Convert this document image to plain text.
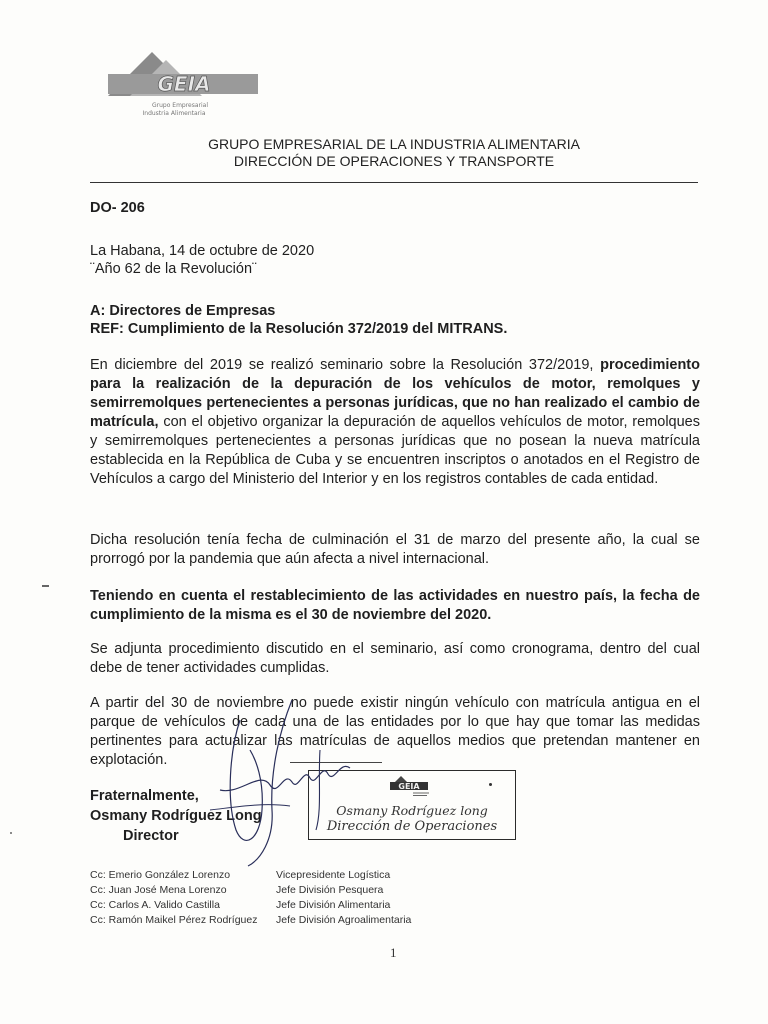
GEIA
Grupo Empresarial
Industria Alimentaria
GRUPO EMPRESARIAL DE LA INDUSTRIA ALIMENTARIA
DIRECCIÓN DE OPERACIONES Y TRANSPORTE
DO- 206
La Habana, 14 de octubre de 2020
¨Año 62 de la Revolución¨
A: Directores de Empresas
REF: Cumplimiento de la Resolución 372/2019 del MITRANS.
En diciembre del 2019 se realizó seminario sobre la Resolución 372/2019, procedimiento para la realización de la depuración de los vehículos de motor, remolques y semirremolques pertenecientes a personas jurídicas, que no han realizado el cambio de matrícula, con el objetivo organizar la depuración de aquellos vehículos de motor, remolques y semirremolques pertenecientes a personas jurídicas que no posean la nueva matrícula establecida en la República de Cuba y se encuentren inscriptos o anotados en el Registro de Vehículos a cargo del Ministerio del Interior y en los registros contables de cada entidad.
Dicha resolución tenía fecha de culminación el 31 de marzo del presente año, la cual se prorrogó por la pandemia que aún afecta a nivel internacional.
Teniendo en cuenta el restablecimiento de las actividades en nuestro país, la fecha de cumplimiento de la misma es el 30 de noviembre del 2020.
Se adjunta procedimiento discutido en el seminario, así como cronograma, dentro del cual debe de tener actividades cumplidas.
A partir del 30 de noviembre no puede existir ningún vehículo con matrícula antigua en el parque de vehículos de cada una de las entidades por lo que hay que tomar las medidas pertinentes para actualizar las matrículas de aquellos medios que pretendan mantener en explotación.
Fraternalmente,
Osmany Rodríguez Long
Director
GEIA
Osmany Rodríguez long
Dirección de Operaciones
Cc: Emerio González Lorenzo	Vicepresidente Logística
Cc: Juan José Mena Lorenzo	Jefe División Pesquera
Cc: Carlos A. Valido Castilla	Jefe División Alimentaria
Cc: Ramón Maikel Pérez Rodríguez	Jefe División Agroalimentaria
1
